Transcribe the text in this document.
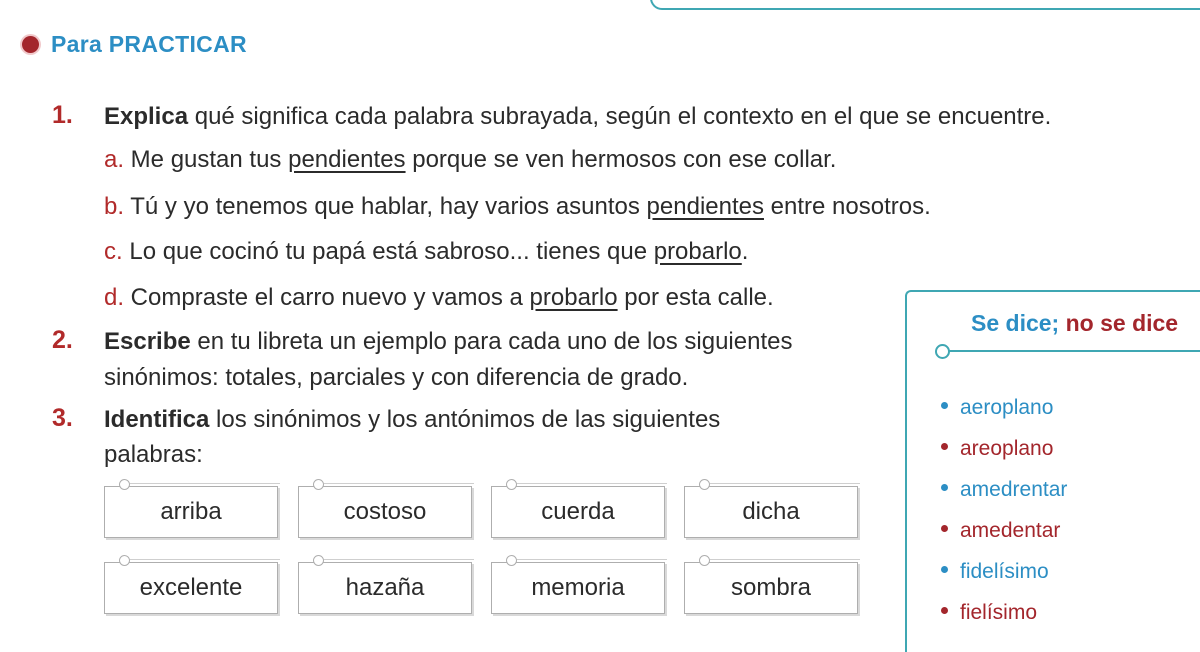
Para PRACTICAR
1. Explica qué significa cada palabra subrayada, según el contexto en el que se encuentre.
a. Me gustan tus pendientes porque se ven hermosos con ese collar.
b. Tú y yo tenemos que hablar, hay varios asuntos pendientes entre nosotros.
c. Lo que cocinó tu papá está sabroso... tienes que probarlo.
d. Compraste el carro nuevo y vamos a probarlo por esta calle.
2. Escribe en tu libreta un ejemplo para cada uno de los siguientes
sinónimos: totales, parciales y con diferencia de grado.
3. Identifica los sinónimos y los antónimos de las siguientes
palabras:
arriba	costoso	cuerda	dicha
excelente	hazaña	memoria	sombra
Se dice; no se dice
aeroplano
areoplano
amedrentar
amedentar
fidelísimo
fielísimo
